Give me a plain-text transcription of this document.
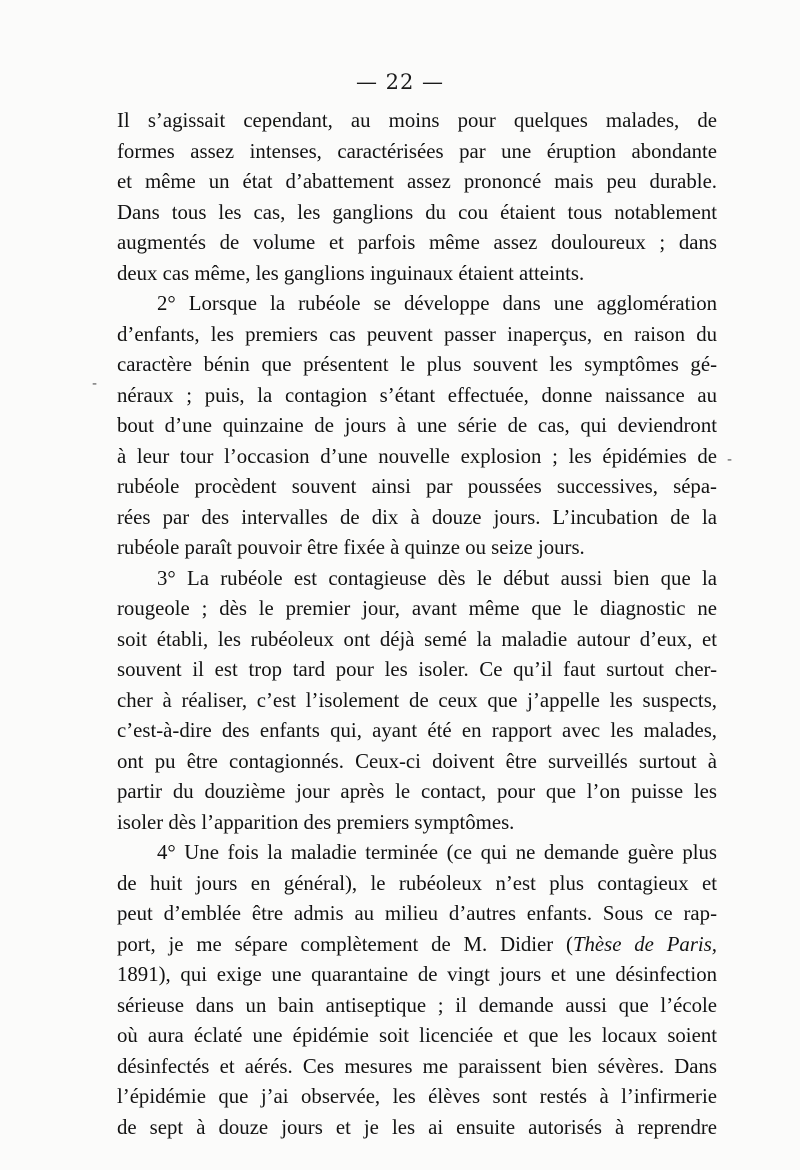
— 22 —
Il s’agissait cependant, au moins pour quelques malades, de
formes assez intenses, caractérisées par une éruption abondante
et même un état d’abattement assez prononcé mais peu durable.
Dans tous les cas, les ganglions du cou étaient tous notablement
augmentés de volume et parfois même assez douloureux ; dans
deux cas même, les ganglions inguinaux étaient atteints.
2° Lorsque la rubéole se développe dans une agglomération
d’enfants, les premiers cas peuvent passer inaperçus, en raison du
caractère bénin que présentent le plus souvent les symptômes gé-
néraux ; puis, la contagion s’étant effectuée, donne naissance au
bout d’une quinzaine de jours à une série de cas, qui deviendront
à leur tour l’occasion d’une nouvelle explosion ; les épidémies de
rubéole procèdent souvent ainsi par poussées successives, sépa-
rées par des intervalles de dix à douze jours. L’incubation de la
rubéole paraît pouvoir être fixée à quinze ou seize jours.
3° La rubéole est contagieuse dès le début aussi bien que la
rougeole ; dès le premier jour, avant même que le diagnostic ne
soit établi, les rubéoleux ont déjà semé la maladie autour d’eux, et
souvent il est trop tard pour les isoler. Ce qu’il faut surtout cher-
cher à réaliser, c’est l’isolement de ceux que j’appelle les suspects,
c’est-à-dire des enfants qui, ayant été en rapport avec les malades,
ont pu être contagionnés. Ceux-ci doivent être surveillés surtout à
partir du douzième jour après le contact, pour que l’on puisse les
isoler dès l’apparition des premiers symptômes.
4° Une fois la maladie terminée (ce qui ne demande guère plus
de huit jours en général), le rubéoleux n’est plus contagieux et
peut d’emblée être admis au milieu d’autres enfants. Sous ce rap-
port, je me sépare complètement de M. Didier (Thèse de Paris,
1891), qui exige une quarantaine de vingt jours et une désinfection
sérieuse dans un bain antiseptique ; il demande aussi que l’école
où aura éclaté une épidémie soit licenciée et que les locaux soient
désinfectés et aérés. Ces mesures me paraissent bien sévères. Dans
l’épidémie que j’ai observée, les élèves sont restés à l’infirmerie
de sept à douze jours et je les ai ensuite autorisés à reprendre
-
-
